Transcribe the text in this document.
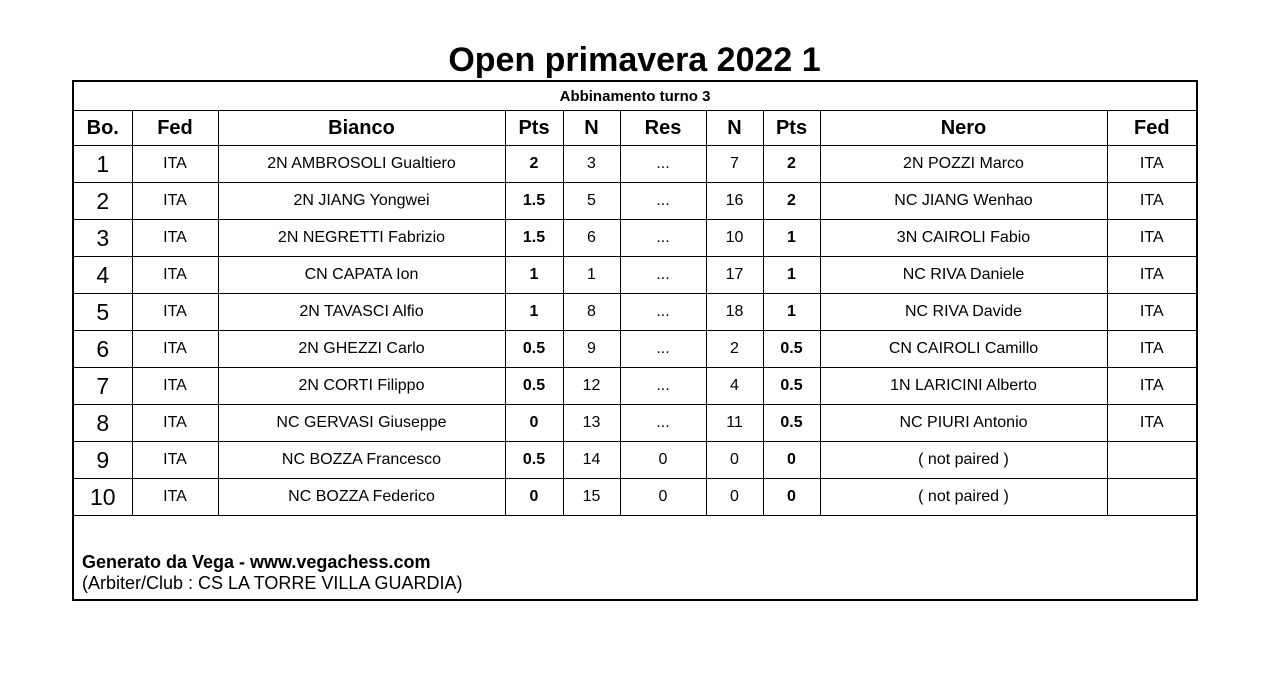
Open primavera 2022 1
Abbinamento turno 3									
Bo.	Fed	Bianco	Pts	N	Res	N	Pts	Nero	Fed
1	ITA	2N AMBROSOLI Gualtiero	2	3	...	7	2	2N POZZI Marco	ITA
2	ITA	2N JIANG Yongwei	1.5	5	...	16	2	NC JIANG Wenhao	ITA
3	ITA	2N NEGRETTI Fabrizio	1.5	6	...	10	1	3N CAIROLI Fabio	ITA
4	ITA	CN CAPATA Ion	1	1	...	17	1	NC RIVA Daniele	ITA
5	ITA	2N TAVASCI Alfio	1	8	...	18	1	NC RIVA Davide	ITA
6	ITA	2N GHEZZI Carlo	0.5	9	...	2	0.5	CN CAIROLI Camillo	ITA
7	ITA	2N CORTI Filippo	0.5	12	...	4	0.5	1N LARICINI Alberto	ITA
8	ITA	NC GERVASI Giuseppe	0	13	...	11	0.5	NC PIURI Antonio	ITA
9	ITA	NC BOZZA Francesco	0.5	14	0	0	0	( not paired )	
10	ITA	NC BOZZA Federico	0	15	0	0	0	( not paired )	
Generato da Vega - www.vegachess.com
(Arbiter/Club : CS LA TORRE VILLA GUARDIA)
